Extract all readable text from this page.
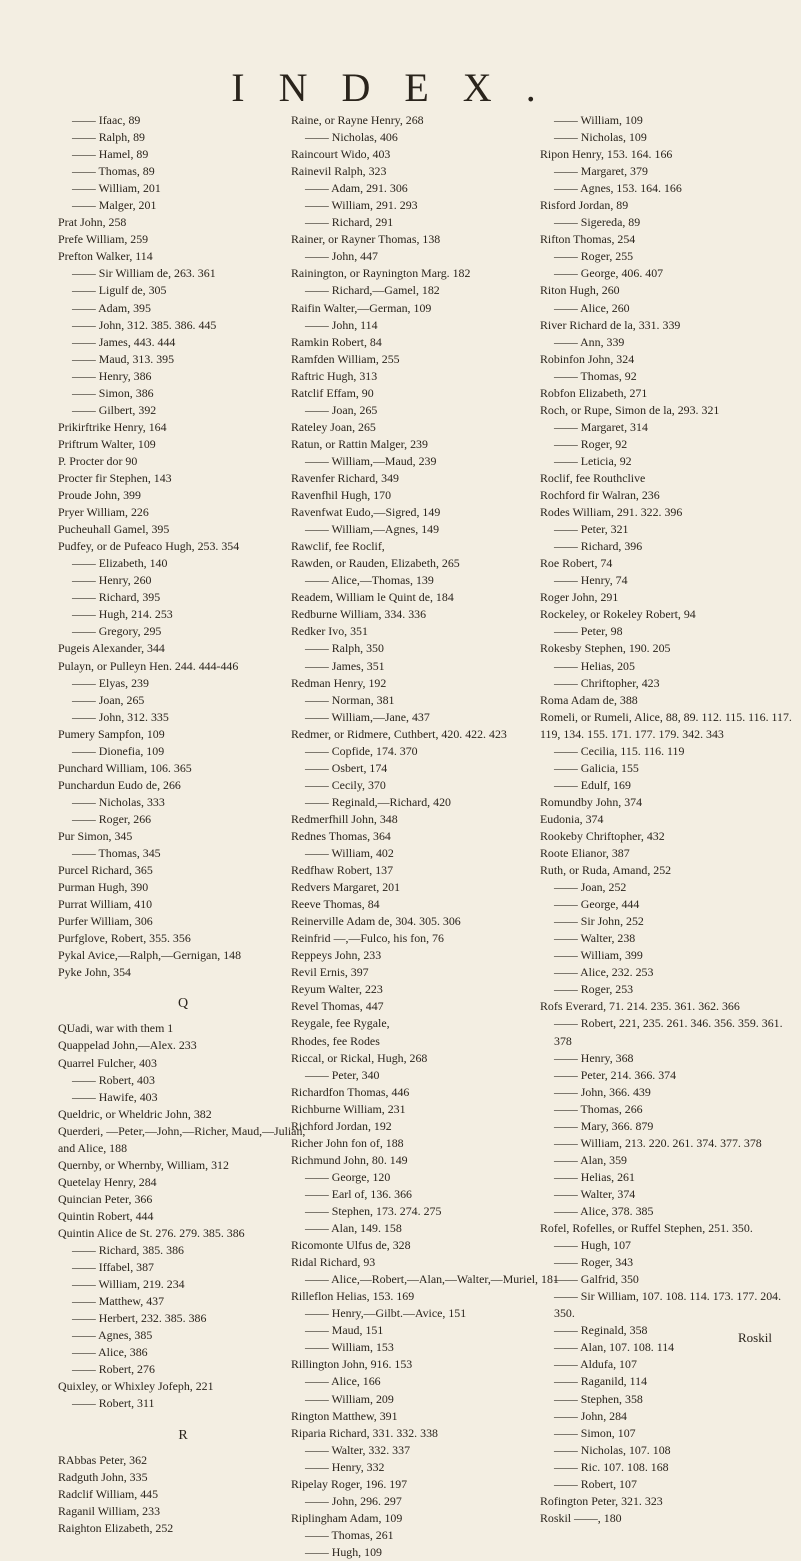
INDEX.
—— Ifaac, 89
—— Ralph, 89
—— Hamel, 89
—— Thomas, 89
—— William, 201
—— Malger, 201
Prat John, 258
Prefe William, 259
Prefton Walker, 114
—— Sir William de, 263. 361
—— Ligulf de, 305
—— Adam, 395
—— John, 312. 385. 386. 445
—— James, 443. 444
—— Maud, 313. 395
—— Henry, 386
—— Simon, 386
—— Gilbert, 392
Prikirftrike Henry, 164
Priftrum Walter, 109
P. Procter dor 90
Procter fir Stephen, 143
Proude John, 399
Pryer William, 226
Pucheuhall Gamel, 395
Pudfey, or de Pufeaco Hugh, 253. 354
—— Elizabeth, 140
—— Henry, 260
—— Richard, 395
—— Hugh, 214. 253
—— Gregory, 295
Pugeis Alexander, 344
Pulayn, or Pulleyn Hen. 244. 444-446
—— Elyas, 239
—— Joan, 265
—— John, 312. 335
Pumery Sampfon, 109
—— Dionefia, 109
Punchard William, 106. 365
Punchardun Eudo de, 266
—— Nicholas, 333
—— Roger, 266
Pur Simon, 345
—— Thomas, 345
Purcel Richard, 365
Purman Hugh, 390
Purrat William, 410
Purfer William, 306
Purfglove, Robert, 355. 356
Pykal Avice,—Ralph,—Gernigan, 148
Pyke John, 354
Q
QUadi, war with them 1
Quappelad John,—Alex. 233
Quarrel Fulcher, 403
—— Robert, 403
—— Hawife, 403
Queldric, or Wheldric John, 382
Querderi, —Peter,—John,—Richer, Maud,—Julian, and Alice, 188
Quernby, or Whernby, William, 312
Quetelay Henry, 284
Quincian Peter, 366
Quintin Robert, 444
Quintin Alice de St. 276. 279. 385. 386
—— Richard, 385. 386
—— Iffabel, 387
—— William, 219. 234
—— Matthew, 437
—— Herbert, 232. 385. 386
—— Agnes, 385
—— Alice, 386
—— Robert, 276
Quixley, or Whixley Jofeph, 221
—— Robert, 311
R
RAbbas Peter, 362
Radguth John, 335
Radclif William, 445
Raganil William, 233
Raighton Elizabeth, 252
Raine, or Rayne Henry, 268
—— Nicholas, 406
Raincourt Wido, 403
Rainevil Ralph, 323
—— Adam, 291. 306
—— William, 291. 293
—— Richard, 291
Rainer, or Rayner Thomas, 138
—— John, 447
Rainington, or Raynington Marg. 182
—— Richard,—Gamel, 182
Raifin Walter,—German, 109
—— John, 114
Ramkin Robert, 84
Ramfden William, 255
Raftric Hugh, 313
Ratclif Effam, 90
—— Joan, 265
Rateley Joan, 265
Ratun, or Rattin Malger, 239
—— William,—Maud, 239
Ravenfer Richard, 349
Ravenfhil Hugh, 170
Ravenfwat Eudo,—Sigred, 149
—— William,—Agnes, 149
Rawclif, fee Roclif,
Rawden, or Rauden, Elizabeth, 265
—— Alice,—Thomas, 139
Readem, William le Quint de, 184
Redburne William, 334. 336
Redker Ivo, 351
—— Ralph, 350
—— James, 351
Redman Henry, 192
—— Norman, 381
—— William,—Jane, 437
Redmer, or Ridmere, Cuthbert, 420. 422. 423
—— Copfide, 174. 370
—— Osbert, 174
—— Cecily, 370
—— Reginald,—Richard, 420
Redmerfhill John, 348
Rednes Thomas, 364
—— William, 402
Redfhaw Robert, 137
Redvers Margaret, 201
Reeve Thomas, 84
Reinerville Adam de, 304. 305. 306
Reinfrid —,—Fulco, his fon, 76
Reppeys John, 233
Revil Ernis, 397
Reyum Walter, 223
Revel Thomas, 447
Reygale, fee Rygale,
Rhodes, fee Rodes
Riccal, or Rickal, Hugh, 268
—— Peter, 340
Richardfon Thomas, 446
Richburne William, 231
Richford Jordan, 192
Richer John fon of, 188
Richmund John, 80. 149
—— George, 120
—— Earl of, 136. 366
—— Stephen, 173. 274. 275
—— Alan, 149. 158
Ricomonte Ulfus de, 328
Ridal Richard, 93
—— Alice,—Robert,—Alan,—Walter,—Muriel, 181
Rilleflon Helias, 153. 169
—— Henry,—Gilbt.—Avice, 151
—— Maud, 151
—— William, 153
Rillington John, 916. 153
—— Alice, 166
—— William, 209
Rington Matthew, 391
Riparia Richard, 331. 332. 338
—— Walter, 332. 337
—— Henry, 332
Ripelay Roger, 196. 197
—— John, 296. 297
Riplingham Adam, 109
—— Thomas, 261
—— Hugh, 109
—— William, 109
—— Nicholas, 109
Ripon Henry, 153. 164. 166
—— Margaret, 379
—— Agnes, 153. 164. 166
Risford Jordan, 89
—— Sigereda, 89
Rifton Thomas, 254
—— Roger, 255
—— George, 406. 407
Riton Hugh, 260
—— Alice, 260
River Richard de la, 331. 339
—— Ann, 339
Robinfon John, 324
—— Thomas, 92
Robfon Elizabeth, 271
Roch, or Rupe, Simon de la, 293. 321
—— Margaret, 314
—— Roger, 92
—— Leticia, 92
Roclif, fee Routhclive
Rochford fir Walran, 236
Rodes William, 291. 322. 396
—— Peter, 321
—— Richard, 396
Roe Robert, 74
—— Henry, 74
Roger John, 291
Rockeley, or Rokeley Robert, 94
—— Peter, 98
Rokesby Stephen, 190. 205
—— Helias, 205
—— Chriftopher, 423
Roma Adam de, 388
Romeli, or Rumeli, Alice, 88, 89. 112. 115. 116. 117. 119, 134. 155. 171. 177. 179. 342. 343
—— Cecilia, 115. 116. 119
—— Galicia, 155
—— Edulf, 169
Romundby John, 374
Eudonia, 374
Rookeby Chriftopher, 432
Roote Elianor, 387
Ruth, or Ruda, Amand, 252
—— Joan, 252
—— George, 444
—— Sir John, 252
—— Walter, 238
—— William, 399
—— Alice, 232. 253
—— Roger, 253
Rofs Everard, 71. 214. 235. 361. 362. 366
—— Robert, 221, 235. 261. 346. 356. 359. 361. 378
—— Henry, 368
—— Peter, 214. 366. 374
—— John, 366. 439
—— Thomas, 266
—— Mary, 366. 879
—— William, 213. 220. 261. 374. 377. 378
—— Alan, 359
—— Helias, 261
—— Walter, 374
—— Alice, 378. 385
Rofel, Rofelles, or Ruffel Stephen, 251. 350.
—— Hugh, 107
—— Roger, 343
—— Galfrid, 350
—— Sir William, 107. 108. 114. 173. 177. 204. 350.
—— Reginald, 358
—— Alan, 107. 108. 114
—— Aldufa, 107
—— Raganild, 114
—— Stephen, 358
—— John, 284
—— Simon, 107
—— Nicholas, 107. 108
—— Ric. 107. 108. 168
—— Robert, 107
Rofington Peter, 321. 323
Roskil ——, 180
Roskil
